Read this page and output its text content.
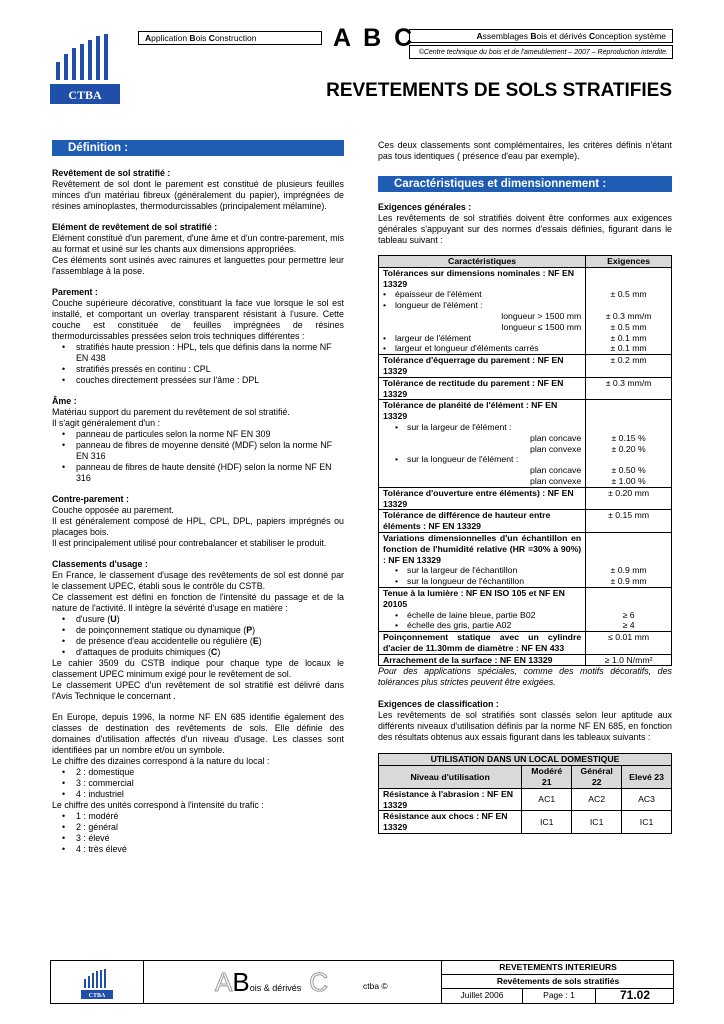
CTBA
Application Bois Construction	A B C	Assemblages Bois et dérivés Conception système
©Centre technique du bois et de l'ameublement – 2007 – Reproduction interdite.
REVETEMENTS DE SOLS STRATIFIES
Définition :

Revêtement de sol stratifié :

Revêtement de sol dont le parement est constitué de plusieurs feuilles minces d'un matériau fibreux (généralement du papier), imprégnées de résines aminoplastes, thermodurcissables (principalement mélamine).

Elément de revêtement de sol stratifié :

Elément constitué d'un parement, d'une âme et d'un contre-parement, mis au format et usiné sur les chants aux dimensions appropriées.

Ces éléments sont usinés avec rainures et languettes pour permettre leur l'assemblage à la pose.

Parement :

Couche supérieure décorative, constituant la face vue lorsque le sol est installé, et comportant un overlay transparent résistant à l'usure. Cette couche est constituée de feuilles imprégnées de résines thermodurcissables pressées selon trois techniques différentes :

• stratifiés haute pression : HPL, tels que définis dans la norme NF EN 438
• stratifiés pressés en continu : CPL
• couches directement pressées sur l'âme : DPL

Âme :

Matériau support du parement du revêtement de sol stratifié.

Il s'agit généralement d'un :

• panneau de particules selon la norme NF EN 309
• panneau de fibres de moyenne densité (MDF) selon la norme NF EN 316
• panneau de fibres de haute densité (HDF) selon la norme NF EN 316

Contre-parement :

Couche opposée au parement.

Il est généralement composé de HPL, CPL, DPL, papiers imprégnés ou placages bois.

Il est principalement utilisé pour contrebalancer et stabiliser le produit.

Classements d'usage :

En France, le classement d'usage des revêtements de sol est donné par le classement UPEC, établi sous le contrôle du CSTB.

Ce classement est défini en fonction de l'intensité du passage et de la nature de l'activité. Il intègre la sévérité d'usage en matière :

• d'usure (U)
• de poinçonnement statique ou dynamique (P)
• de présence d'eau accidentelle ou régulière (E)
• d'attaques de produits chimiques (C)

Le cahier 3509 du CSTB indique pour chaque type de locaux le classement UPEC minimum exigé pour le revêtement de sol.

Le classement UPEC d'un revêtement de sol stratifié est délivré dans l'Avis Technique le concernant .

En Europe, depuis 1996, la norme NF EN 685 identifie également des classes de destination des revêtements de sols. Elle définie des domaines d'utilisation affectés d'un niveau d'usage. Les classes sont identifiées par un nombre et/ou un symbole.

Le chiffre des dizaines correspond à la nature du local :

• 2 : domestique
• 3 : commercial
• 4 : industriel

Le chiffre des unités correspond à l'intensité du trafic :

• 1 : modéré
• 2 : général
• 3 : élevé
• 4 : très élevé
Ces deux classements sont complémentaires, les critères définis n'étant pas tous identiques ( présence d'eau par exemple).
Caractéristiques et dimensionnement :

Exigences générales :

Les revêtements de sol stratifiés doivent être conformes aux exigences générales s'appuyant sur des normes d'essais définies, figurant dans le tableau suivant :

Caractéristiques	Exigences
Tolérances sur dimensions nominales : NF EN 13329	

• épaisseur de l'élément	± 0.5 mm

• longueur de l'élément :

longueur > 1500 mm	± 0.3 mm/m
longueur ≤ 1500 mm	± 0.5 mm

• largeur de l'élément	± 0.1 mm

• largeur et longueur d'éléments carrés	± 0.1 mm
Tolérance d'équerrage du parement : NF EN 13329	± 0.2 mm
Tolérance de rectitude du parement : NF EN 13329	± 0.3 mm/m
Tolérance de planéité de l'élément : NF EN 13329	

• sur la largeur de l'élément :

plan concave	± 0.15 %
plan convexe	± 0.20 %

• sur la longueur de l'élément :

plan concave	± 0.50 %
plan convexe	± 1.00 %
Tolérance d'ouverture entre éléments) : NF EN 13329	± 0.20 mm
Tolérance de différence de hauteur entre éléments : NF EN 13329	± 0.15 mm
Variations dimensionnelles d'un échantillon en fonction de l'humidité relative (HR =30% à 90%) : NF EN 13329	

• sur la largeur de l'échantillon	± 0.9 mm

• sur la longueur de l'échantillon	± 0.9 mm
Tenue à la lumière : NF EN ISO 105 et NF EN 20105	

• échelle de laine bleue, partie B02	≥ 6

• échelle des gris, partie A02	≥ 4
Poinçonnement statique avec un cylindre d'acier de 11.30mm de diamètre : NF EN 433	≤ 0.01 mm
Arrachement de la surface : NF EN 13329	≥ 1.0 N/mm²

Pour des applications spéciales, comme des motifs décoratifs, des tolérances plus strictes peuvent être exigées.

Exigences de classification :

Les revêtements de sol stratifiés sont classés selon leur aptitude aux différents niveaux d'utilisation définis par la norme NF EN 685, en fonction des résultats obtenus aux essais figurant dans les tableaux suivants :

UTILISATION DANS UN LOCAL DOMESTIQUE			
Niveau d'utilisation	Modéré 21	Général 22	Elevé 23
Résistance à l'abrasion : NF EN 13329	AC1	AC2	AC3
Résistance aux chocs : NF EN 13329	IC1	IC1	IC1
CTBA	ABois & dérivés C	ctba ©
REVETEMENTS INTERIEURS
Revêtements de sols stratifiés
Juillet 2006	Page : 1	71.02
